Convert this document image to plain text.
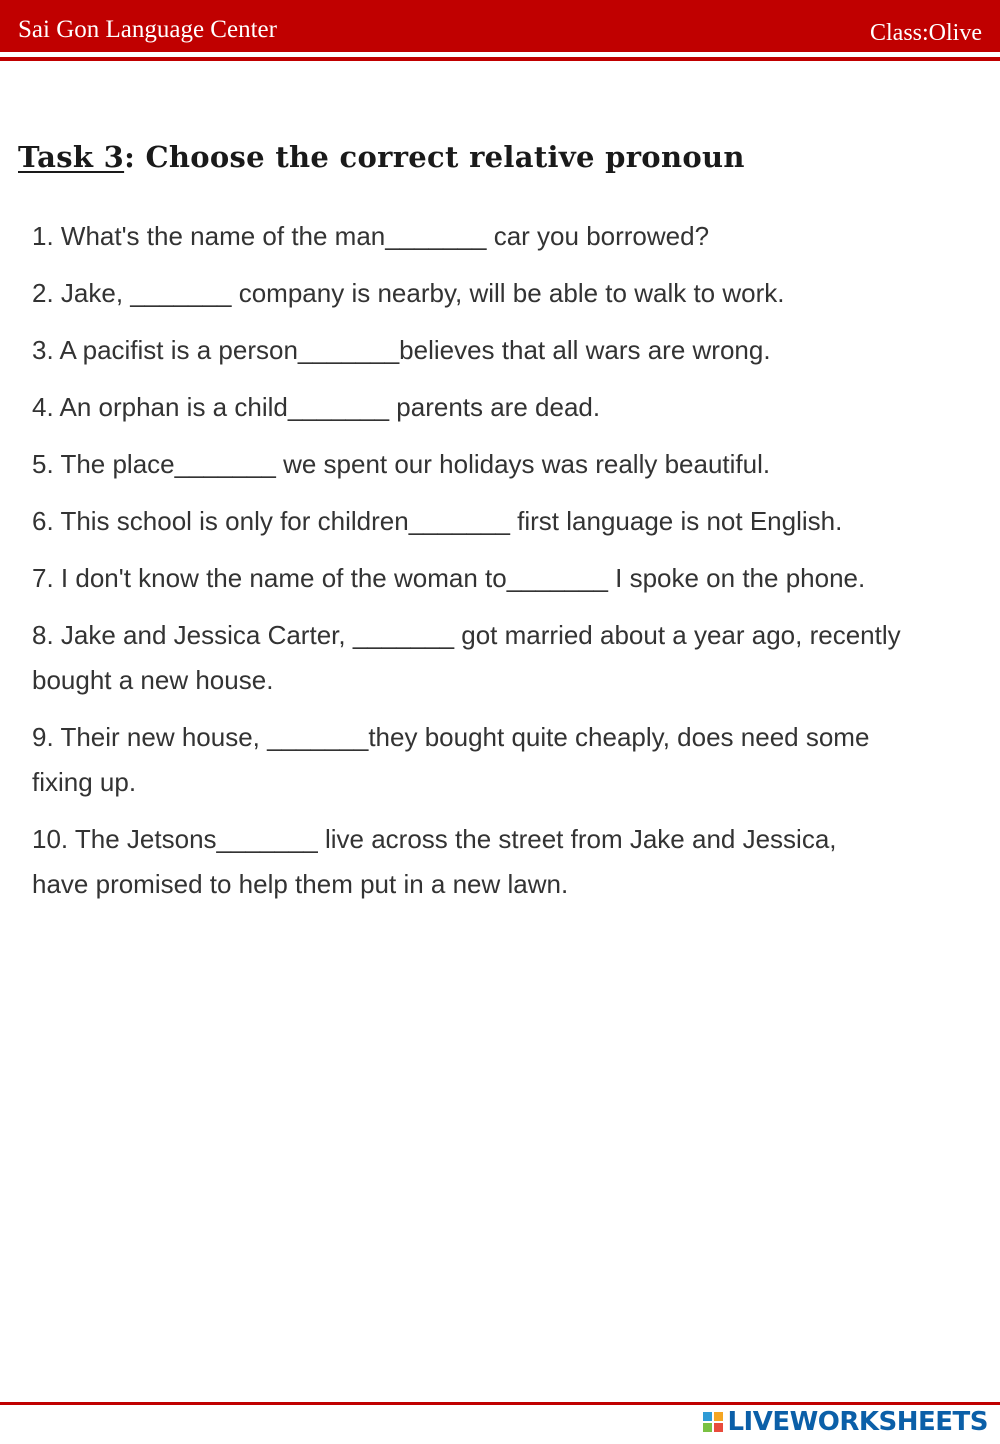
Sai Gon Language Center	Class:Olive
Task 3: Choose the correct relative pronoun
1. What's the name of the man_______ car you borrowed?
2. Jake, _______ company is nearby, will be able to walk to work.
3. A pacifist is a person_______believes that all wars are wrong.
4. An orphan is a child_______ parents are dead.
5. The place_______ we spent our holidays was really beautiful.
6. This school is only for children_______ first language is not English.
7. I don't know the name of the woman to_______ I spoke on the phone.
8. Jake and Jessica Carter, _______ got married about a year ago, recently bought a new house.
9. Their new house, _______they bought quite cheaply, does need some fixing up.
10. The Jetsons_______ live across the street from Jake and Jessica, have promised to help them put in a new lawn.
LIVEWORKSHEETS
